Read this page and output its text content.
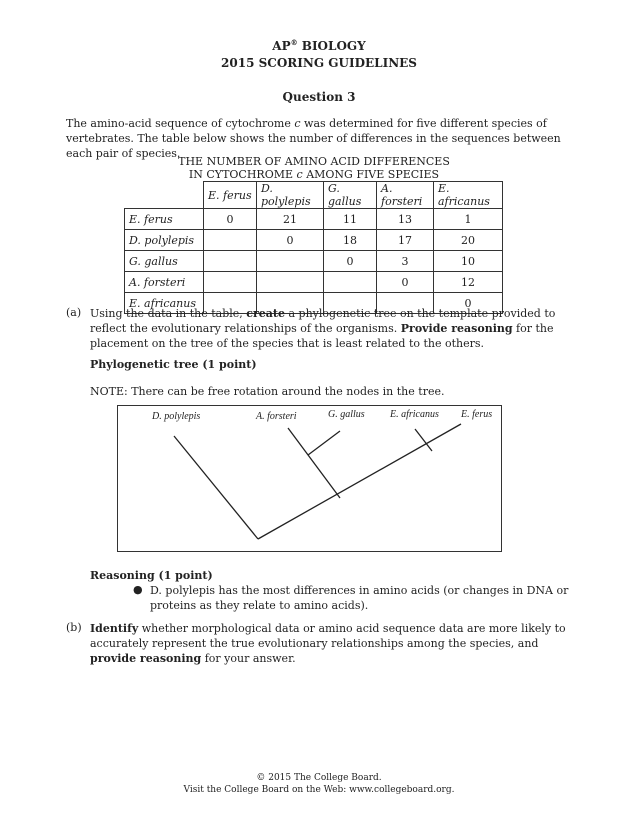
AP® BIOLOGY
2015 SCORING GUIDELINES
Question 3
The amino-acid sequence of cytochrome c was determined for five different species of vertebrates. The table below shows the number of differences in the sequences between each pair of species.
THE NUMBER OF AMINO ACID DIFFERENCES
IN CYTOCHROME c AMONG FIVE SPECIES
	E. ferus	D. polylepis	G. gallus	A. forsteri	E. africanus
E. ferus	0	21	11	13	1
D. polylepis		0	18	17	20
G. gallus			0	3	10
A. forsteri				0	12
E. africanus					0
(a) Using the data in the table, create a phylogenetic tree on the template provided to reflect the evolutionary relationships of the organisms. Provide reasoning for the placement on the tree of the species that is least related to the others.
Phylogenetic tree (1 point)
NOTE: There can be free rotation around the nodes in the tree.
D. polylepis	A. forsteri	G. gallus	E. africanus E. ferus
Reasoning (1 point)
● D. polylepis has the most differences in amino acids (or changes in DNA or proteins as they relate to amino acids).
(b) Identify whether morphological data or amino acid sequence data are more likely to accurately represent the true evolutionary relationships among the species, and provide reasoning for your answer.
© 2015 The College Board.
Visit the College Board on the Web: www.collegeboard.org.
